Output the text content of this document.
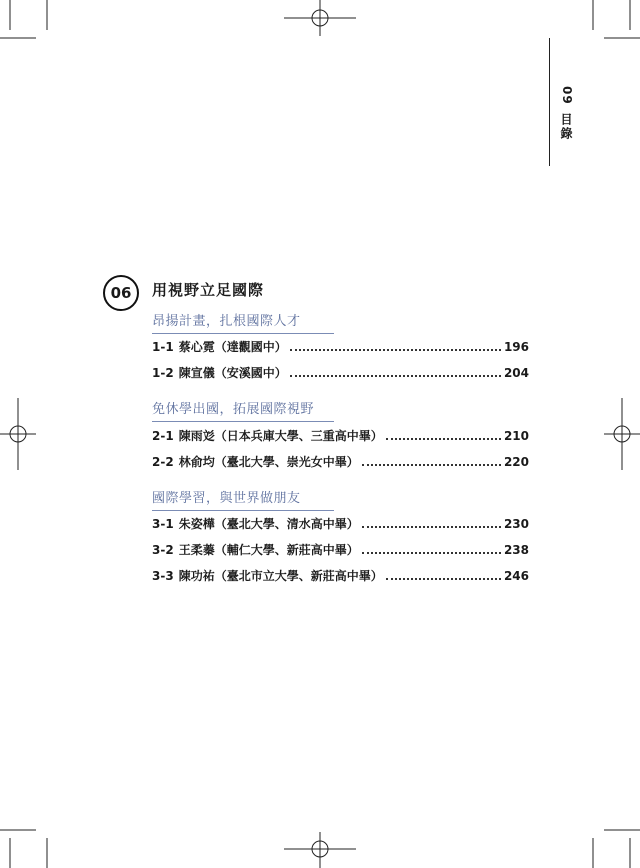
09
目錄
06	用視野立足國際
昂揚計畫，扎根國際人才
1-1 蔡心霓（達觀國中）	196
1-2 陳宣儀（安溪國中）	204
免休學出國，拓展國際視野
2-1 陳雨彣（日本兵庫大學、三重高中畢）	210
2-2 林俞均（臺北大學、崇光女中畢）	220
國際學習，與世界做朋友
3-1 朱姿樺（臺北大學、清水高中畢）	230
3-2 王柔蓁（輔仁大學、新莊高中畢）	238
3-3 陳功祐（臺北市立大學、新莊高中畢）	246
